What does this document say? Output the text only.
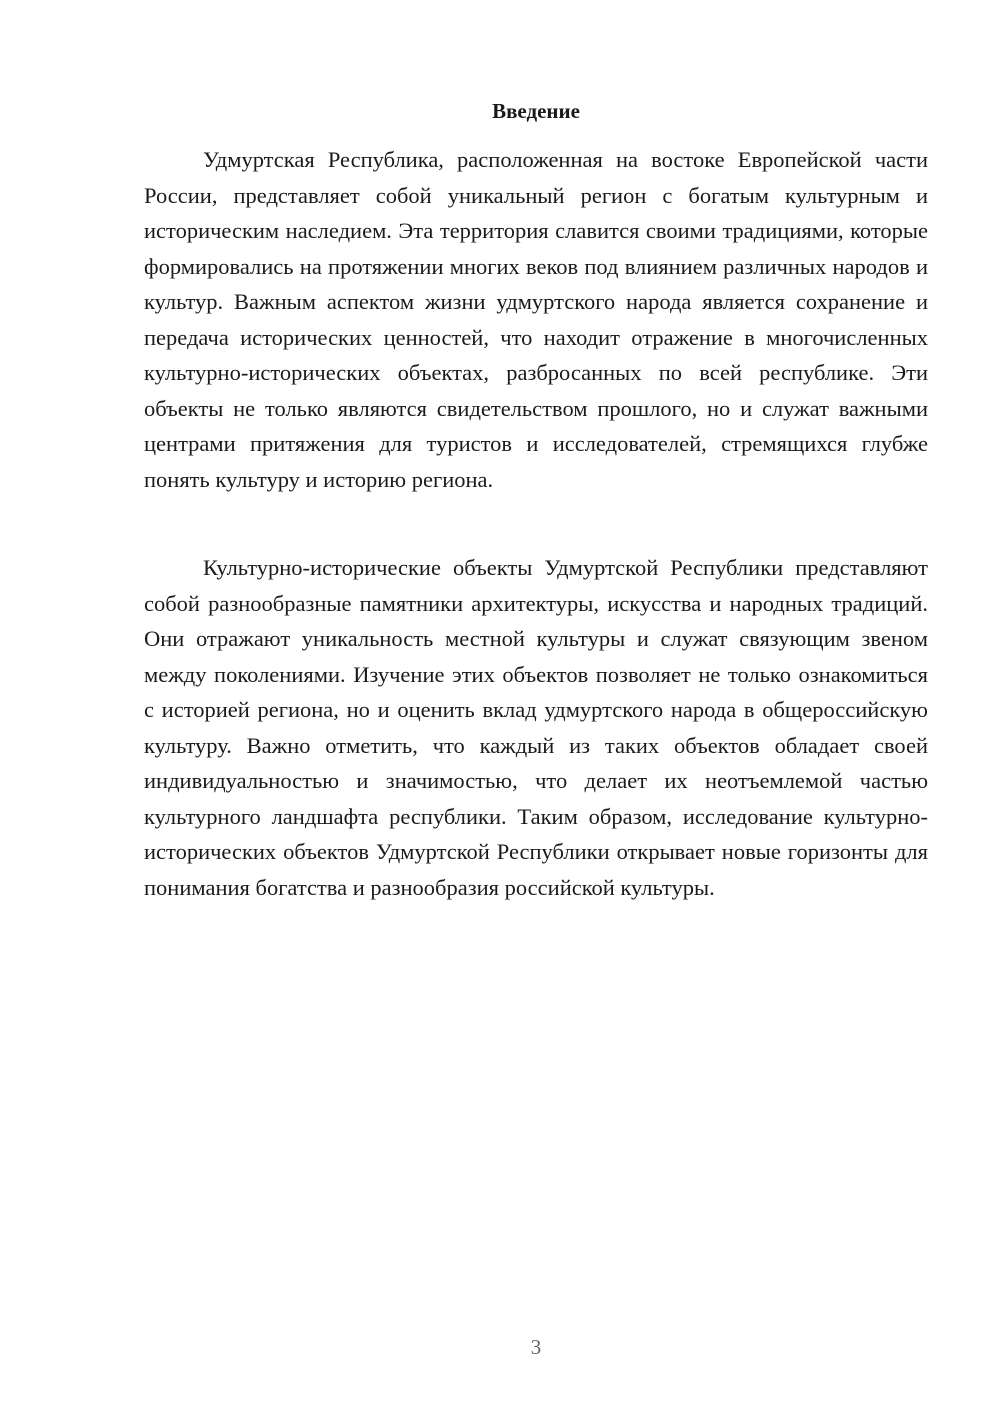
Введение

Удмуртская Республика, расположенная на востоке Европейской части России, представляет собой уникальный регион с богатым культурным и историческим наследием. Эта территория славится своими традициями, которые формировались на протяжении многих веков под влиянием различных народов и культур. Важным аспектом жизни удмуртского народа является сохранение и передача исторических ценностей, что находит отражение в многочисленных культурно-исторических объектах, разбросанных по всей республике. Эти объекты не только являются свидетельством прошлого, но и служат важными центрами притяжения для туристов и исследователей, стремящихся глубже понять культуру и историю региона.

Культурно-исторические объекты Удмуртской Республики представляют собой разнообразные памятники архитектуры, искусства и народных традиций. Они отражают уникальность местной культуры и служат связующим звеном между поколениями. Изучение этих объектов позволяет не только ознакомиться с историей региона, но и оценить вклад удмуртского народа в общероссийскую культуру. Важно отметить, что каждый из таких объектов обладает своей индивидуальностью и значимостью, что делает их неотъемлемой частью культурного ландшафта республики. Таким образом, исследование культурно-исторических объектов Удмуртской Республики открывает новые горизонты для понимания богатства и разнообразия российской культуры.

3
